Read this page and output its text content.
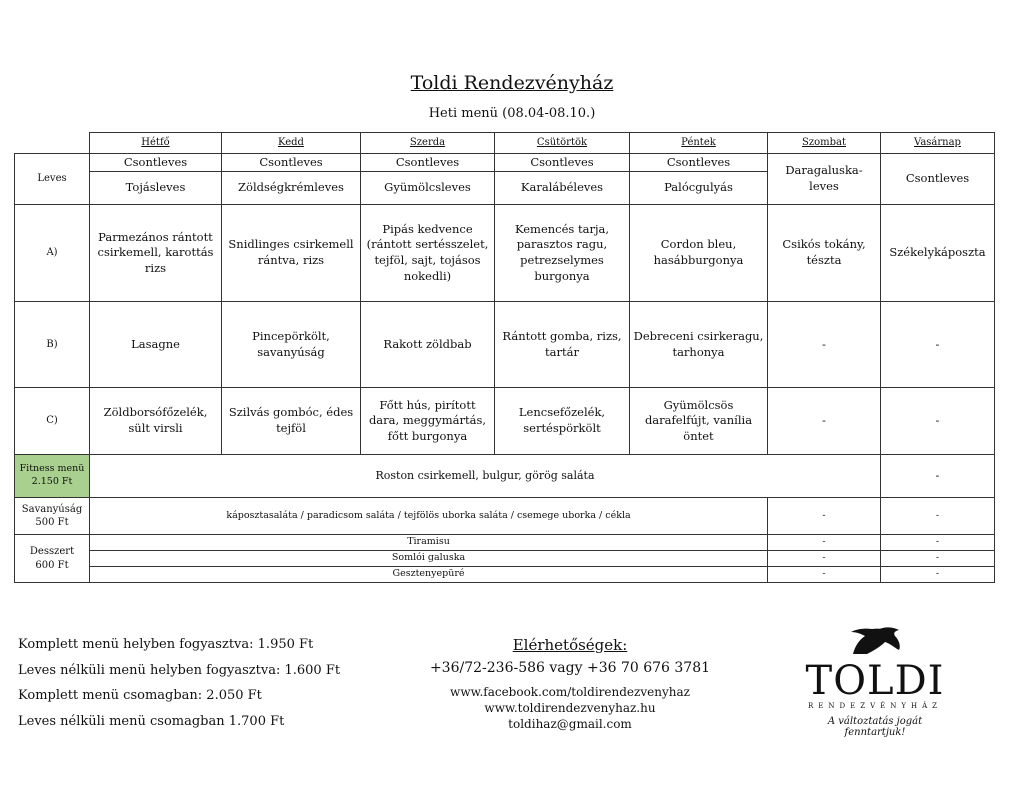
Toldi Rendezvényház
Heti menü (08.04-08.10.)
	Hétfő	Kedd	Szerda	Csütörtök	Péntek	Szombat	Vasárnap
Leves	Csontleves	Csontleves	Csontleves	Csontleves	Csontleves	Daragaluska-leves	Csontleves
	Tojásleves	Zöldségkrémleves	Gyümölcsleves	Karalábéleves	Palócgulyás		
A)	Parmezános rántott csirkemell, karottás rizs	Snidlinges csirkemell rántva, rizs	Pipás kedvence (rántott sertésszelet, tejföl, sajt, tojásos nokedli)	Kemencés tarja, parasztos ragu, petrezselymes burgonya	Cordon bleu, hasábburgonya	Csikós tokány, tészta	Székelykáposzta
B)	Lasagne	Pincepörkölt, savanyúság	Rakott zöldbab	Rántott gomba, rizs, tartár	Debreceni csirkeragu, tarhonya	-	-
C)	Zöldborsófőzelék, sült virsli	Szilvás gombóc, édes tejföl	Főtt hús, pirított dara, meggymártás, főtt burgonya	Lencsefőzelék, sertéspörkölt	Gyümölcsös darafelfújt, vanília öntet	-	-

Fitness menü
2.150 Ft	Roston csirkemell, bulgur, görög saláta						-

Savanyúság
500 Ft	káposztasaláta / paradicsom saláta / tejfölös uborka saláta / csemege uborka / cékla					-	-

Desszert
600 Ft	Tiramisu					-	-
	Somlói galuska					-	-
	Gesztenyepüré					-	-
Komplett menü helyben fogyasztva: 1.950 Ft
Leves nélküli menü helyben fogyasztva: 1.600 Ft
Komplett menü csomagban: 2.050 Ft
Leves nélküli menü csomagban 1.700 Ft
Elérhetőségek:
+36/72-236-586 vagy +36 70 676 3781
www.facebook.com/toldirendezvenyhaz
www.toldirendezvenyhaz.hu
toldihaz@gmail.com
TOLDI
RENDEZVÉNYHÁZ
A változtatás jogát fenntartjuk!
